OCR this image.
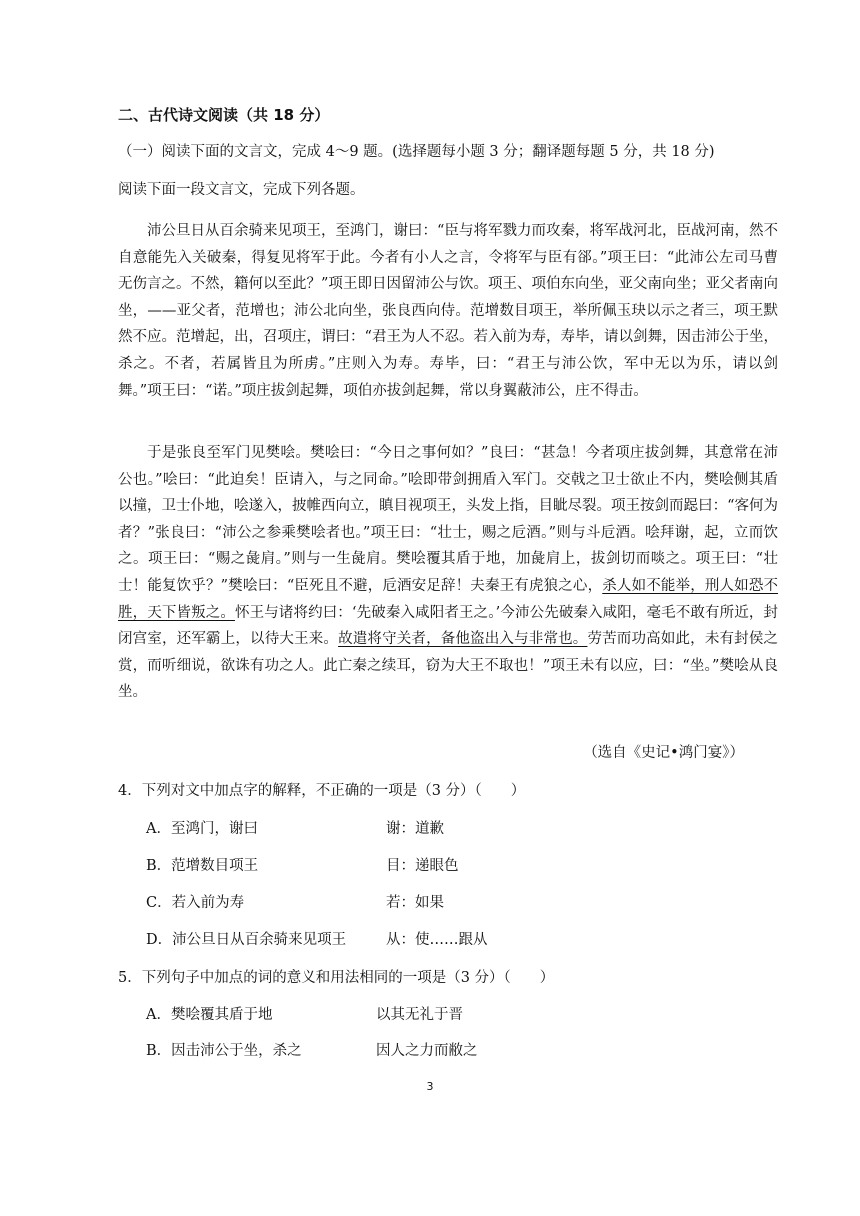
二、古代诗文阅读（共 18 分）
（一）阅读下面的文言文，完成 4～9 题。(选择题每小题 3 分；翻译题每题 5 分，共 18 分)
阅读下面一段文言文，完成下列各题。

沛公旦日从百余骑来见项王，至鸿门，谢曰：“臣与将军戮力而攻秦，将军战河北，臣战河南，然不自意能先入关破秦，得复见将军于此。今者有小人之言，令将军与臣有郤。”项王曰：“此沛公左司马曹无伤言之。不然，籍何以至此？”项王即日因留沛公与饮。项王、项伯东向坐，亚父南向坐；亚父者南向坐，——亚父者，范增也；沛公北向坐，张良西向侍。范增数目项王，举所佩玉玦以示之者三，项王默然不应。范增起，出，召项庄，谓曰：“君王为人不忍。若入前为寿，寿毕，请以剑舞，因击沛公于坐，杀之。不者，若属皆且为所虏。”庄则入为寿。寿毕，曰：“君王与沛公饮，军中无以为乐，请以剑舞。”项王曰：“诺。”项庄拔剑起舞，项伯亦拔剑起舞，常以身翼蔽沛公，庄不得击。

于是张良至军门见樊哙。樊哙曰：“今日之事何如？”良曰：“甚急！今者项庄拔剑舞，其意常在沛公也。”哙曰：“此迫矣！臣请入，与之同命。”哙即带剑拥盾入军门。交戟之卫士欲止不内，樊哙侧其盾以撞，卫士仆地，哙遂入，披帷西向立，瞋目视项王，头发上指，目眦尽裂。项王按剑而跽曰：“客何为者？”张良曰：“沛公之参乘樊哙者也。”项王曰：“壮士，赐之卮酒。”则与斗卮酒。哙拜谢，起，立而饮之。项王曰：“赐之彘肩。”则与一生彘肩。樊哙覆其盾于地，加彘肩上，拔剑切而啖之。项王曰：“壮士！能复饮乎？”樊哙曰：“臣死且不避，卮酒安足辞！夫秦王有虎狼之心，杀人如不能举，刑人如恐不胜，天下皆叛之。怀王与诸将约曰：‘先破秦入咸阳者王之。’今沛公先破秦入咸阳，毫毛不敢有所近，封闭宫室，还军霸上，以待大王来。故遣将守关者，备他盗出入与非常也。劳苦而功高如此，未有封侯之赏，而听细说，欲诛有功之人。此亡秦之续耳，窃为大王不取也！”项王未有以应，曰：“坐。”樊哙从良坐。

（选自《史记•鸿门宴》）
4．下列对文中加点字的解释，不正确的一项是（3 分）（　　）
A．至鸿门，谢曰	谢：道歉
B．范增数目项王	目：递眼色
C．若入前为寿	若：如果
D．沛公旦日从百余骑来见项王	从：使……跟从
5．下列句子中加点的词的意义和用法相同的一项是（3 分）（　　）
A．樊哙覆其盾于地	以其无礼于晋
B．因击沛公于坐，杀之	因人之力而敝之
3
